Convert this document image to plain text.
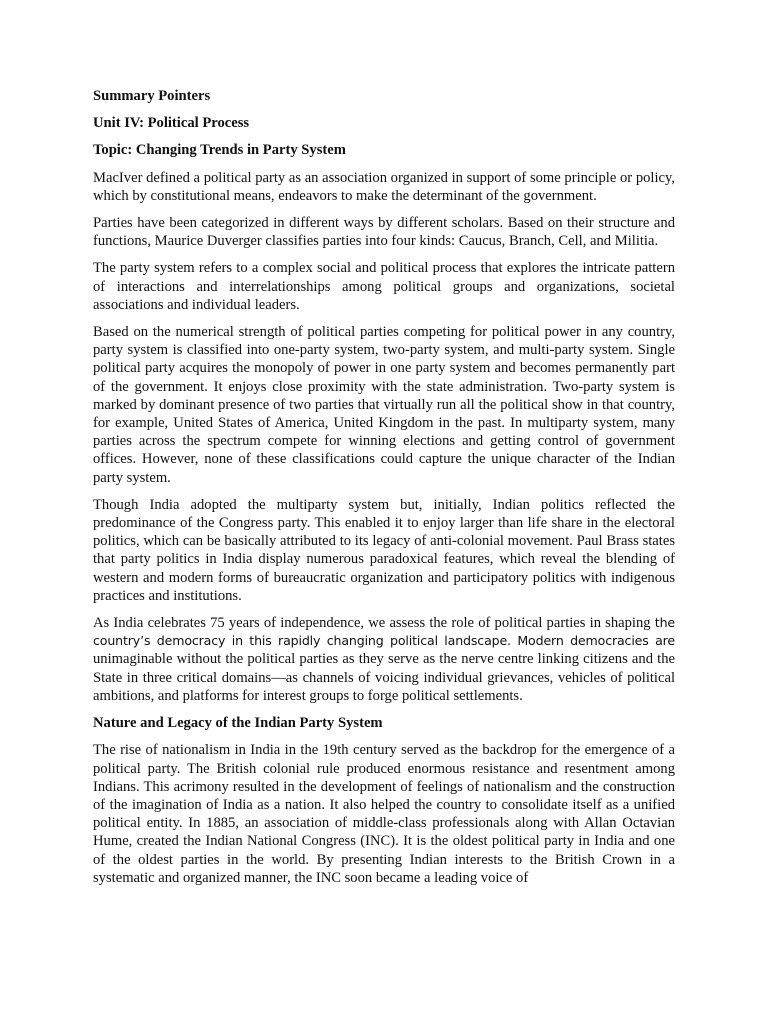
Summary Pointers
Unit IV: Political Process
Topic: Changing Trends in Party System

MacIver defined a political party as an association organized in support of some principle or policy, which by constitutional means, endeavors to make the determinant of the government.

Parties have been categorized in different ways by different scholars. Based on their structure and functions, Maurice Duverger classifies parties into four kinds: Caucus, Branch, Cell, and Militia.

The party system refers to a complex social and political process that explores the intricate pattern of interactions and interrelationships among political groups and organizations, societal associations and individual leaders.

Based on the numerical strength of political parties competing for political power in any country, party system is classified into one-party system, two-party system, and multi-party system. Single political party acquires the monopoly of power in one party system and becomes permanently part of the government. It enjoys close proximity with the state administration. Two-party system is marked by dominant presence of two parties that virtually run all the political show in that country, for example, United States of America, United Kingdom in the past. In multiparty system, many parties across the spectrum compete for winning elections and getting control of government offices. However, none of these classifications could capture the unique character of the Indian party system.

Though India adopted the multiparty system but, initially, Indian politics reflected the predominance of the Congress party. This enabled it to enjoy larger than life share in the electoral politics, which can be basically attributed to its legacy of anti-colonial movement. Paul Brass states that party politics in India display numerous paradoxical features, which reveal the blending of western and modern forms of bureaucratic organization and participatory politics with indigenous practices and institutions.

As India celebrates 75 years of independence, we assess the role of political parties in shaping the country’s democracy in this rapidly changing political landscape. Modern democracies are unimaginable without the political parties as they serve as the nerve centre linking citizens and the State in three critical domains—as channels of voicing individual grievances, vehicles of political ambitions, and platforms for interest groups to forge political settlements.

Nature and Legacy of the Indian Party System

The rise of nationalism in India in the 19th century served as the backdrop for the emergence of a political party. The British colonial rule produced enormous resistance and resentment among Indians. This acrimony resulted in the development of feelings of nationalism and the construction of the imagination of India as a nation. It also helped the country to consolidate itself as a unified political entity. In 1885, an association of middle-class professionals along with Allan Octavian Hume, created the Indian National Congress (INC). It is the oldest political party in India and one of the oldest parties in the world. By presenting Indian interests to the British Crown in a systematic and organized manner, the INC soon became a leading voice of
